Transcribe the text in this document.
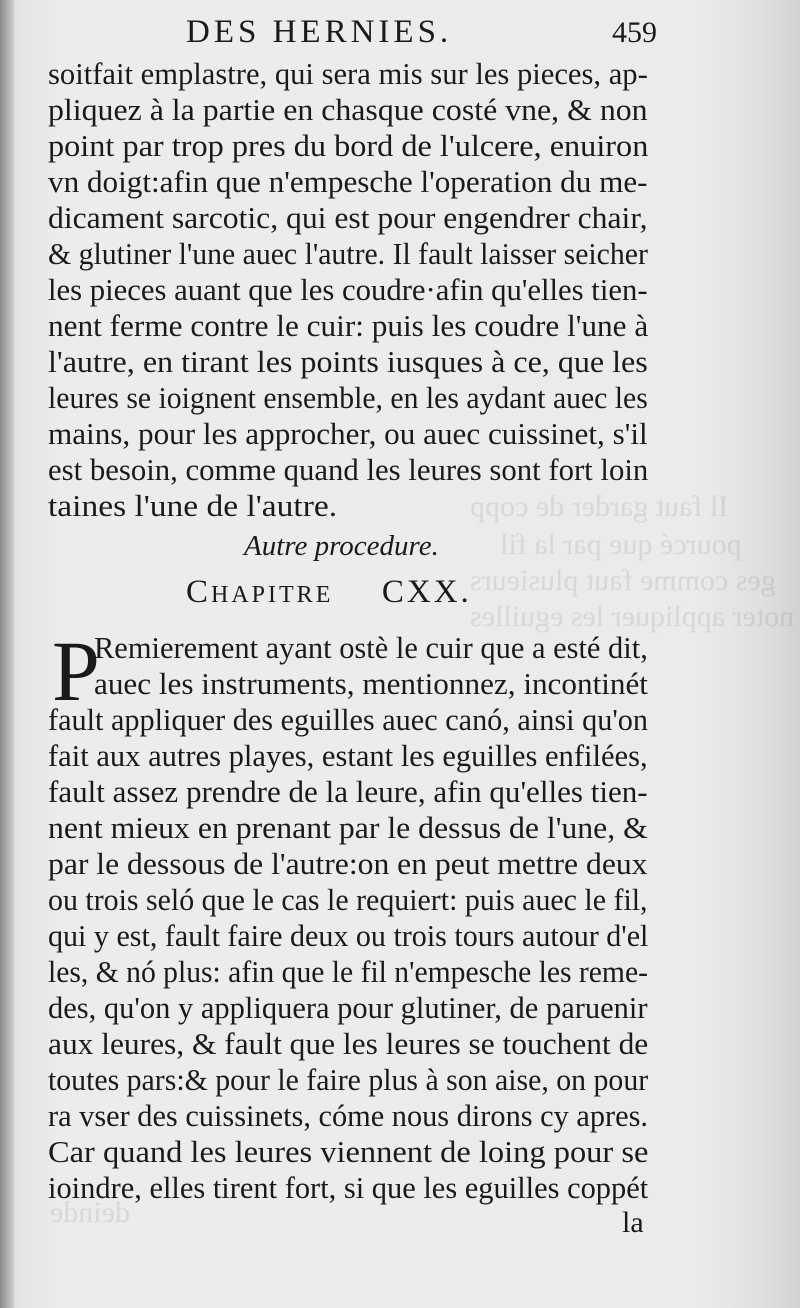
Il faut garder de copp
pourcé que par la fil
ges comme faut plusieurs
noter appliquer les eguilles
deinde
DES HERNIES.	459
soitfait emplastre, qui sera mis sur les pieces, ap-
pliquez à la partie en chasque costé vne, & non
point par trop pres du bord de l'ulcere, enuiron
vn doigt:afin que n'empesche l'operation du me-
dicament sarcotic, qui est pour engendrer chair,
& glutiner l'une auec l'autre. Il fault laisser seicher
les pieces auant que les coudre·afin qu'elles tien-
nent ferme contre le cuir: puis les coudre l'une à
l'autre, en tirant les points iusques à ce, que les
leures se ioignent ensemble, en les aydant auec les
mains, pour les approcher, ou auec cuissinet, s'il
est besoin, comme quand les leures sont fort loin
taines l'une de l'autre.
Autre procedure.
CHAPITRE CXX.
P
Remierement ayant ostè le cuir que a esté dit,
auec les instruments, mentionnez, incontinét
fault appliquer des eguilles auec canó, ainsi qu'on
fait aux autres playes, estant les eguilles enfilées,
fault assez prendre de la leure, afin qu'elles tien-
nent mieux en prenant par le dessus de l'une, &
par le dessous de l'autre:on en peut mettre deux
ou trois seló que le cas le requiert: puis auec le fil,
qui y est, fault faire deux ou trois tours autour d'el
les, & nó plus: afin que le fil n'empesche les reme-
des, qu'on y appliquera pour glutiner, de paruenir
aux leures, & fault que les leures se touchent de
toutes pars:& pour le faire plus à son aise, on pour
ra vser des cuissinets, cóme nous dirons cy apres.
Car quand les leures viennent de loing pour se
ioindre, elles tirent fort, si que les eguilles coppét
la
